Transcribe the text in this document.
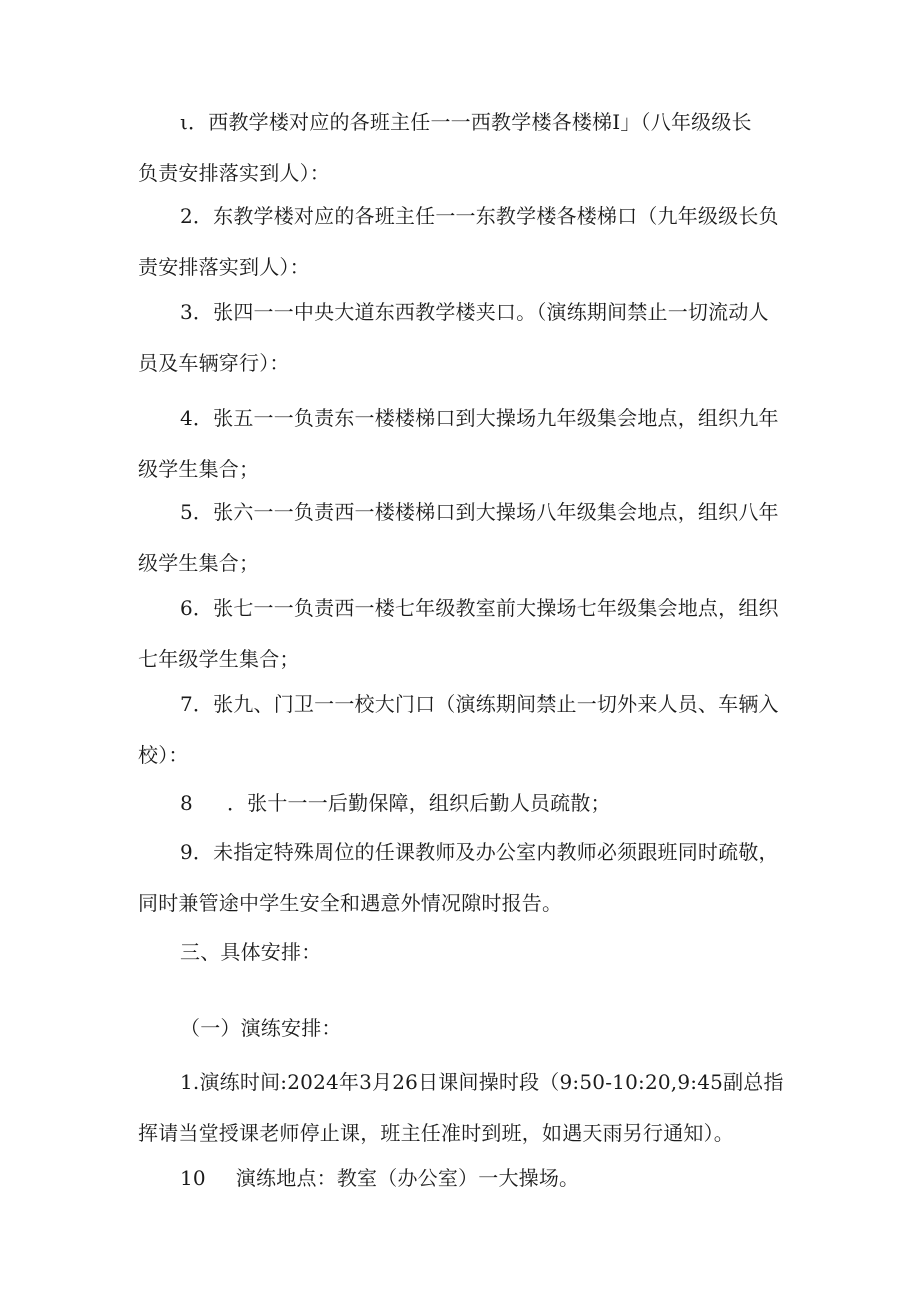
ι．西教学楼对应的各班主任一一西教学楼各楼梯I」（八年级级长
负责安排落实到人）：

2．东教学楼对应的各班主任一一东教学楼各楼梯口（九年级级长负
责安排落实到人）：

3．张四一一中央大道东西教学楼夹口。（演练期间禁止一切流动人
员及车辆穿行）：

4．张五一一负责东一楼楼梯口到大操场九年级集会地点，组织九年
级学生集合；

5．张六一一负责西一楼楼梯口到大操场八年级集会地点，组织八年
级学生集合；

6．张七一一负责西一楼七年级教室前大操场七年级集会地点，组织
七年级学生集合；

7．张九、门卫一一校大门口（演练期间禁止一切外来人员、车辆入
校）：

8 ．张十一一后勤保障，组织后勤人员疏散；

9．未指定特殊周位的任课教师及办公室内教师必须跟班同时疏敬，
同时兼管途中学生安全和遇意外情况隙时报告。

三、具体安排：

（一）演练安排：

1.演练时间:2024年3月26日课间操时段（9:50-10:20,9:45副总指
挥请当堂授课老师停止课，班主任准时到班，如遇天雨另行通知）。

10 演练地点：教室（办公室）一大操场。
